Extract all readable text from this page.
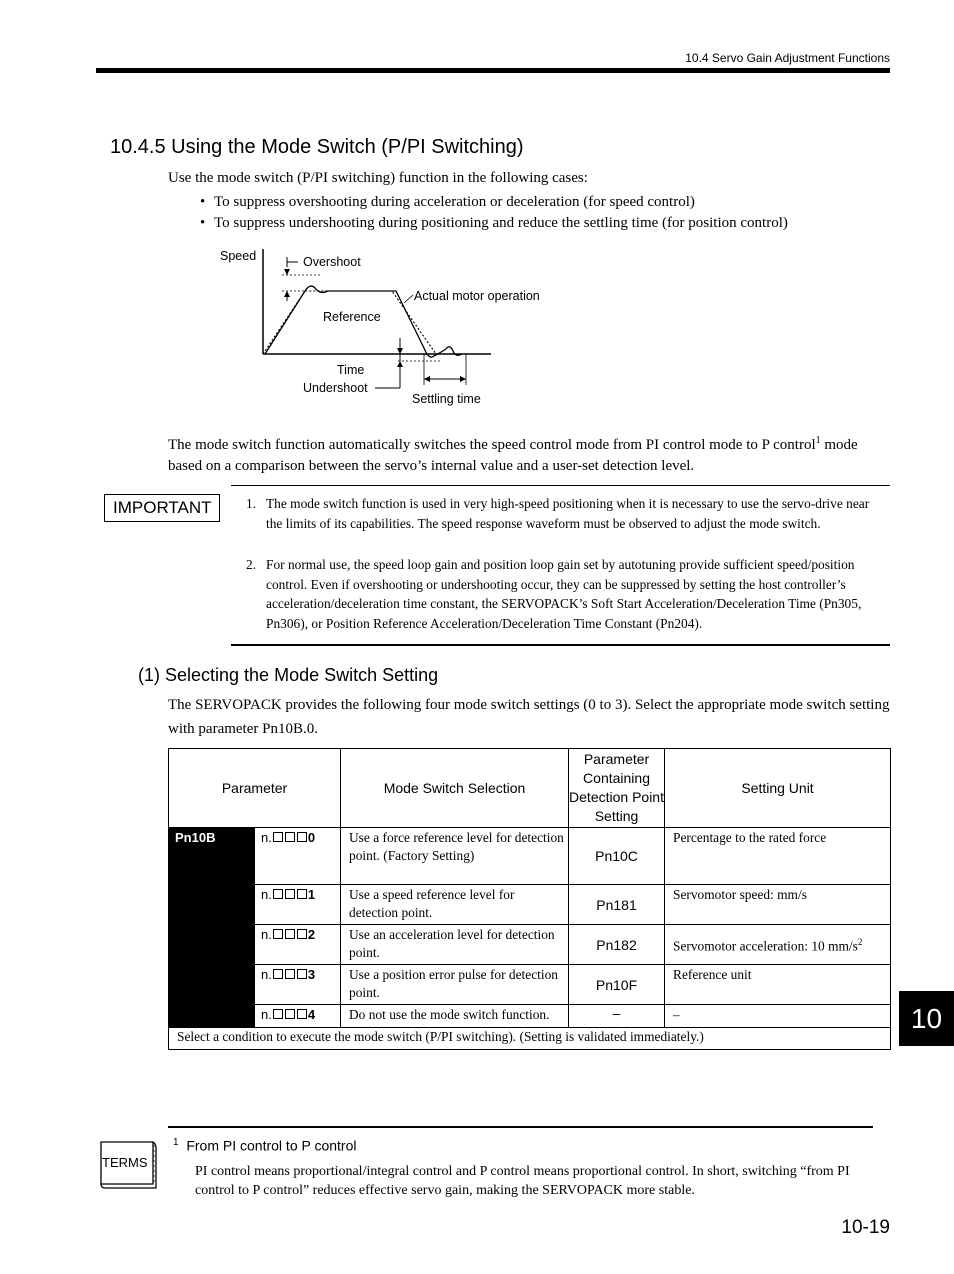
10.4 Servo Gain Adjustment Functions
10.4.5 Using the Mode Switch (P/PI Switching)
Use the mode switch (P/PI switching) function in the following cases:
• To suppress overshooting during acceleration or deceleration (for speed control)
• To suppress undershooting during positioning and reduce the settling time (for position control)
Speed	Overshoot
Actual motor operation
Reference
Time
Undershoot
Settling time
The mode switch function automatically switches the speed control mode from PI control mode to P control$^1$ mode based on a comparison between the servo’s internal value and a user-set detection level.
IMPORTANT	1. The mode switch function is used in very high-speed positioning when it is necessary to use the servo-drive near the limits of its capabilities. The speed response waveform must be observed to adjust the mode switch.
2. For normal use, the speed loop gain and position loop gain set by autotuning provide sufficient speed/position control. Even if overshooting or undershooting occur, they can be suppressed by setting the host controller’s acceleration/deceleration time constant, the SERVOPACK’s Soft Start Acceleration/Deceleration Time (Pn305, Pn306), or Position Reference Acceleration/Deceleration Time Constant (Pn204).
(1) Selecting the Mode Switch Setting
The SERVOPACK provides the following four mode switch settings (0 to 3). Select the appropriate mode switch setting with parameter Pn10B.0.
Parameter		Mode Switch Selection	Parameter Containing Detection Point Setting	Setting Unit
Pn10B	n. 0	Use a force reference level for detection point. (Factory Setting)	Pn10C	Percentage to the rated force
	n. 1	Use a speed reference level for detection point.	Pn181	Servomotor speed: mm/s
	n. 2	Use an acceleration level for detection point.	Pn182	Servomotor acceleration: 10 $mm/s^2$
	n. 3	Use a position error pulse for detection point.	Pn10F	Reference unit
	n. 4	Do not use the mode switch function.	–	–
Select a condition to execute the mode switch (P/PI switching). (Setting is validated immediately.)				
10
TERMS
$^1$ From PI control to P control
PI control means proportional/integral control and P control means proportional control. In short, switching “from PI control to P control” reduces effective servo gain, making the SERVOPACK more stable.
10-19
